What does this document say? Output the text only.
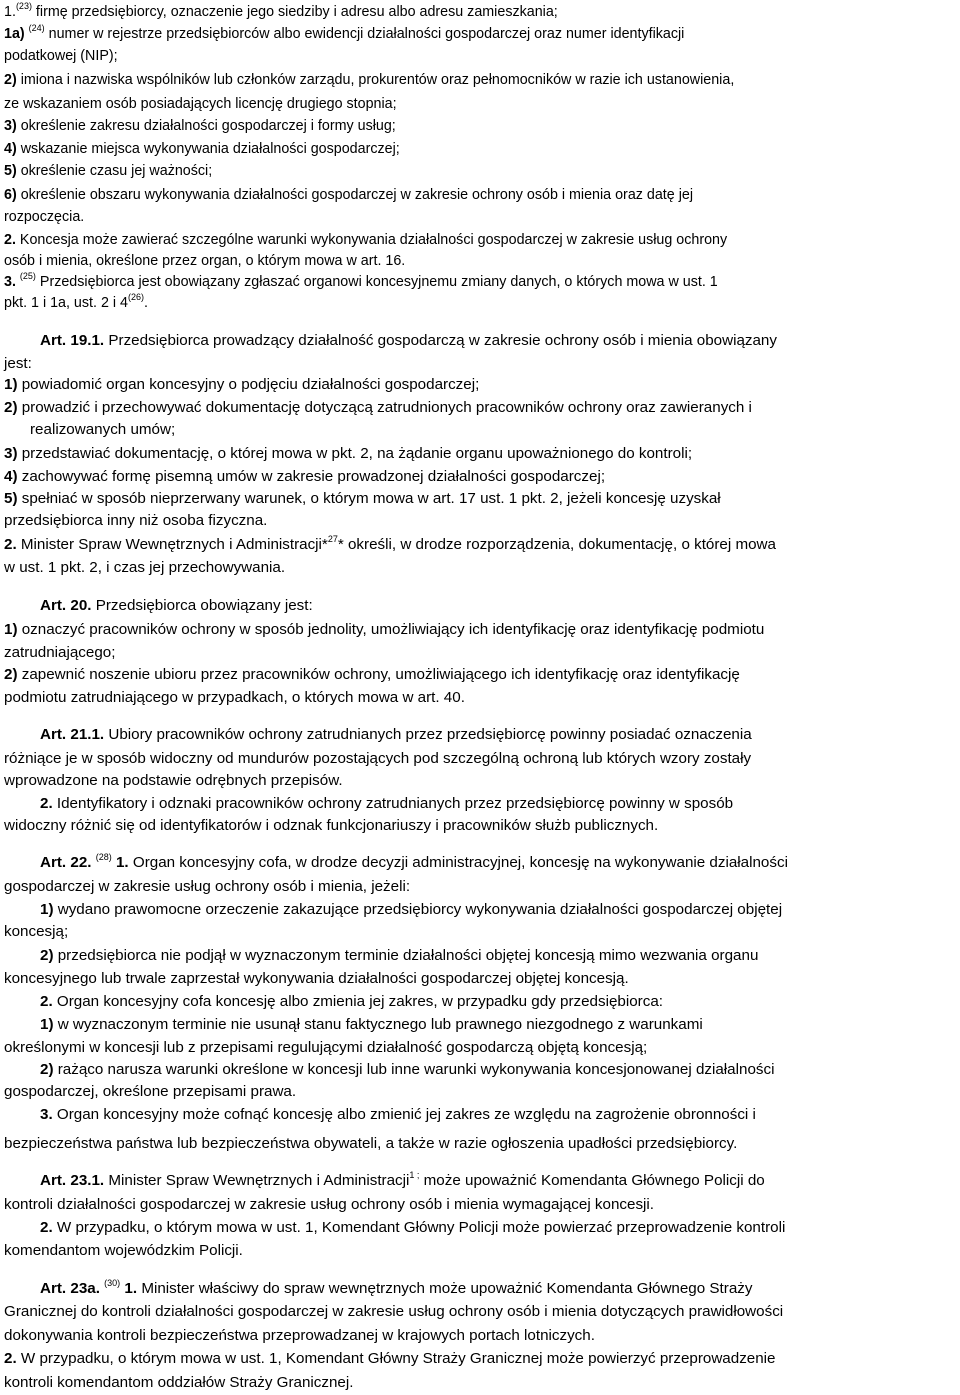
1.$^{(23)}$ firmę przedsiębiorcy, oznaczenie jego siedziby i adresu albo adresu zamieszkania;
1a) $^{(24)}$ numer w rejestrze przedsiębiorców albo ewidencji działalności gospodarczej oraz numer identyfikacji
podatkowej (NIP);
2) imiona i nazwiska wspólników lub członków zarządu, prokurentów oraz pełnomocników w razie ich ustanowienia,
ze wskazaniem osób posiadających licencję drugiego stopnia;
3) określenie zakresu działalności gospodarczej i formy usług;
4) wskazanie miejsca wykonywania działalności gospodarczej;
5) określenie czasu jej ważności;
6) określenie obszaru wykonywania działalności gospodarczej w zakresie ochrony osób i mienia oraz datę jej
rozpoczęcia.
2. Koncesja może zawierać szczególne warunki wykonywania działalności gospodarczej w zakresie usług ochrony
osób i mienia, określone przez organ, o którym mowa w art. 16.
3. $^{(25)}$ Przedsiębiorca jest obowiązany zgłaszać organowi koncesyjnemu zmiany danych, o których mowa w ust. 1
pkt. 1 i 1a, ust. 2 i 4$^{(26)}$.
Art. 19.1. Przedsiębiorca prowadzący działalność gospodarczą w zakresie ochrony osób i mienia obowiązany
jest:
1) powiadomić organ koncesyjny o podjęciu działalności gospodarczej;
2) prowadzić i przechowywać dokumentację dotyczącą zatrudnionych pracowników ochrony oraz zawieranych i
realizowanych umów;
3) przedstawiać dokumentację, o której mowa w pkt. 2, na żądanie organu upoważnionego do kontroli;
4) zachowywać formę pisemną umów w zakresie prowadzonej działalności gospodarczej;
5) spełniać w sposób nieprzerwany warunek, o którym mowa w art. 17 ust. 1 pkt. 2, jeżeli koncesję uzyskał
przedsiębiorca inny niż osoba fizyczna.
2. Minister Spraw Wewnętrznych i Administracji*$^{27}$* określi, w drodze rozporządzenia, dokumentację, o której mowa
w ust. 1 pkt. 2, i czas jej przechowywania.
Art. 20. Przedsiębiorca obowiązany jest:
1) oznaczyć pracowników ochrony w sposób jednolity, umożliwiający ich identyfikację oraz identyfikację podmiotu
zatrudniającego;
2) zapewnić noszenie ubioru przez pracowników ochrony, umożliwiającego ich identyfikację oraz identyfikację
podmiotu zatrudniającego w przypadkach, o których mowa w art. 40.
Art. 21.1. Ubiory pracowników ochrony zatrudnianych przez przedsiębiorcę powinny posiadać oznaczenia
różniące je w sposób widoczny od mundurów pozostających pod szczególną ochroną lub których wzory zostały
wprowadzone na podstawie odrębnych przepisów.
2. Identyfikatory i odznaki pracowników ochrony zatrudnianych przez przedsiębiorcę powinny w sposób
widoczny różnić się od identyfikatorów i odznak funkcjonariuszy i pracowników służb publicznych.
Art. 22. $^{(28)}$ 1. Organ koncesyjny cofa, w drodze decyzji administracyjnej, koncesję na wykonywanie działalności
gospodarczej w zakresie usług ochrony osób i mienia, jeżeli:
1) wydano prawomocne orzeczenie zakazujące przedsiębiorcy wykonywania działalności gospodarczej objętej
koncesją;
2) przedsiębiorca nie podjął w wyznaczonym terminie działalności objętej koncesją mimo wezwania organu
koncesyjnego lub trwale zaprzestał wykonywania działalności gospodarczej objętej koncesją.
2. Organ koncesyjny cofa koncesję albo zmienia jej zakres, w przypadku gdy przedsiębiorca:
1) w wyznaczonym terminie nie usunął stanu faktycznego lub prawnego niezgodnego z warunkami
określonymi w koncesji lub z przepisami regulującymi działalność gospodarczą objętą koncesją;
2) rażąco narusza warunki określone w koncesji lub inne warunki wykonywania koncesjonowanej działalności
gospodarczej, określone przepisami prawa.
3. Organ koncesyjny może cofnąć koncesję albo zmienić jej zakres ze względu na zagrożenie obronności i
bezpieczeństwa państwa lub bezpieczeństwa obywateli, a także w razie ogłoszenia upadłości przedsiębiorcy.
Art. 23.1. Minister Spraw Wewnętrznych i Administracji$^{1 ;}$ może upoważnić Komendanta Głównego Policji do
kontroli działalności gospodarczej w zakresie usług ochrony osób i mienia wymagającej koncesji.
2. W przypadku, o którym mowa w ust. 1, Komendant Główny Policji może powierzać przeprowadzenie kontroli
komendantom wojewódzkim Policji.
Art. 23a. $^{(30)}$ 1. Minister właściwy do spraw wewnętrznych może upoważnić Komendanta Głównego Straży
Granicznej do kontroli działalności gospodarczej w zakresie usług ochrony osób i mienia dotyczących prawidłowości
dokonywania kontroli bezpieczeństwa przeprowadzanej w krajowych portach lotniczych.
2. W przypadku, o którym mowa w ust. 1, Komendant Główny Straży Granicznej może powierzyć przeprowadzenie
kontroli komendantom oddziałów Straży Granicznej.
